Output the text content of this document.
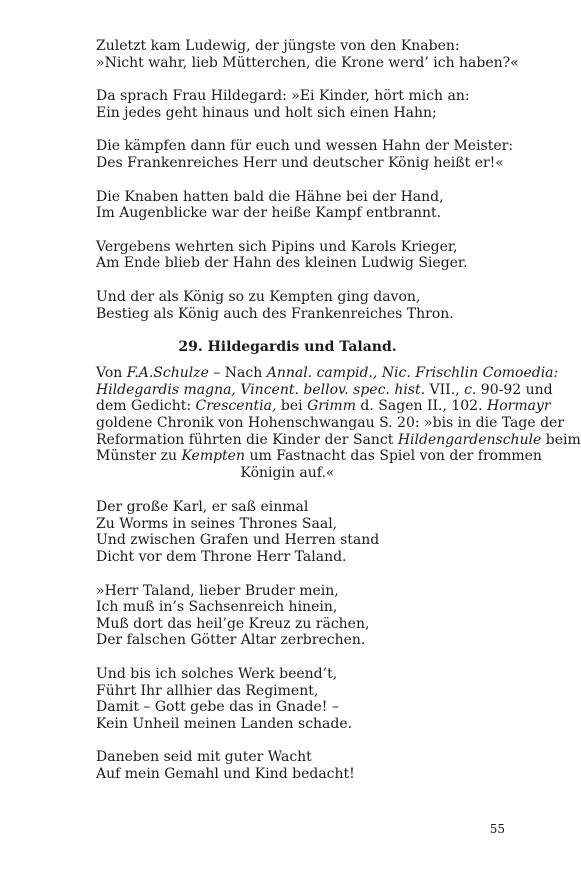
Zuletzt kam Ludewig, der jüngste von den Knaben:
»Nicht wahr, lieb Mütterchen, die Krone werd’ ich haben?«
Da sprach Frau Hildegard: »Ei Kinder, hört mich an:
Ein jedes geht hinaus und holt sich einen Hahn;
Die kämpfen dann für euch und wessen Hahn der Meister:
Des Frankenreiches Herr und deutscher König heißt er!«
Die Knaben hatten bald die Hähne bei der Hand,
Im Augenblicke war der heiße Kampf entbrannt.
Vergebens wehrten sich Pipins und Karols Krieger,
Am Ende blieb der Hahn des kleinen Ludwig Sieger.
Und der als König so zu Kempten ging davon,
Bestieg als König auch des Frankenreiches Thron.
29. Hildegardis und Taland.
Von F.A.Schulze – Nach Annal. campid., Nic. Frischlin Comoedia:
Hildegardis magna, Vincent. bellov. spec. hist. VII., c. 90-92 und
dem Gedicht: Crescentia, bei Grimm d. Sagen II., 102. Hormayr
goldene Chronik von Hohenschwangau S. 20: »bis in die Tage der
Reformation führten die Kinder der Sanct Hildengardenschule beim
Münster zu Kempten um Fastnacht das Spiel von der frommen
Königin auf.«
Der große Karl, er saß einmal
Zu Worms in seines Thrones Saal,
Und zwischen Grafen und Herren stand
Dicht vor dem Throne Herr Taland.
»Herr Taland, lieber Bruder mein,
Ich muß in’s Sachsenreich hinein,
Muß dort das heil’ge Kreuz zu rächen,
Der falschen Götter Altar zerbrechen.
Und bis ich solches Werk beend’t,
Führt Ihr allhier das Regiment,
Damit – Gott gebe das in Gnade! –
Kein Unheil meinen Landen schade.
Daneben seid mit guter Wacht
Auf mein Gemahl und Kind bedacht!
55
